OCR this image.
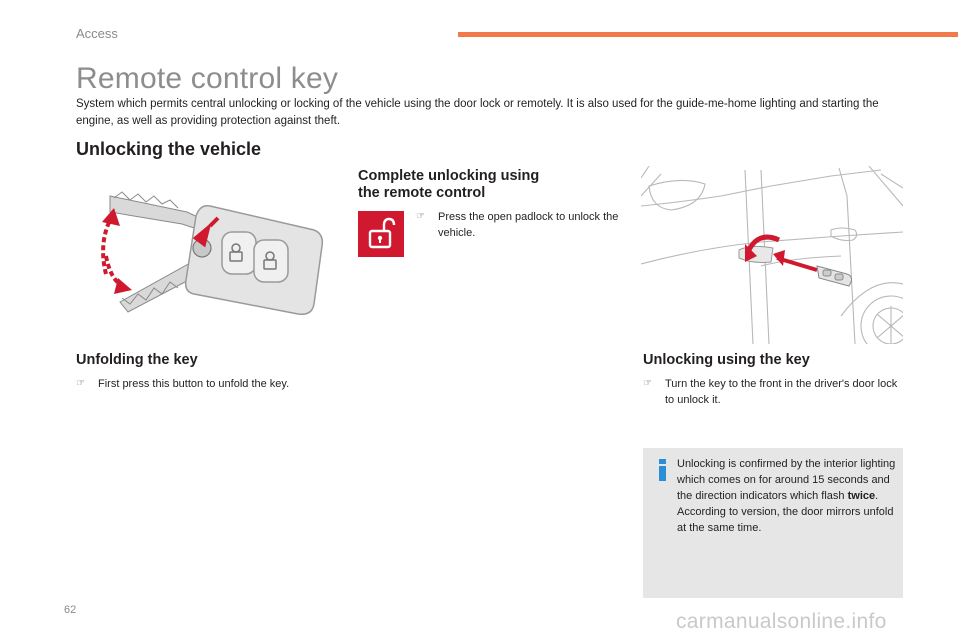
Access
Remote control key

System which permits central unlocking or locking of the vehicle using the door lock or remotely. It is also used for the guide-me-home lighting and starting the engine, as well as providing protection against theft.

Unlocking the vehicle
Complete unlocking using
the remote control
☞	Press the open padlock to unlock the vehicle.
Unfolding the key
☞	First press this button to unfold the key.
Unlocking using the key
☞	Turn the key to the front in the driver's door lock to unlock it.
Unlocking is confirmed by the interior lighting which comes on for around 15 seconds and the direction indicators which flash twice.
According to version, the door mirrors unfold at the same time.
62	carmanualsonline.info
